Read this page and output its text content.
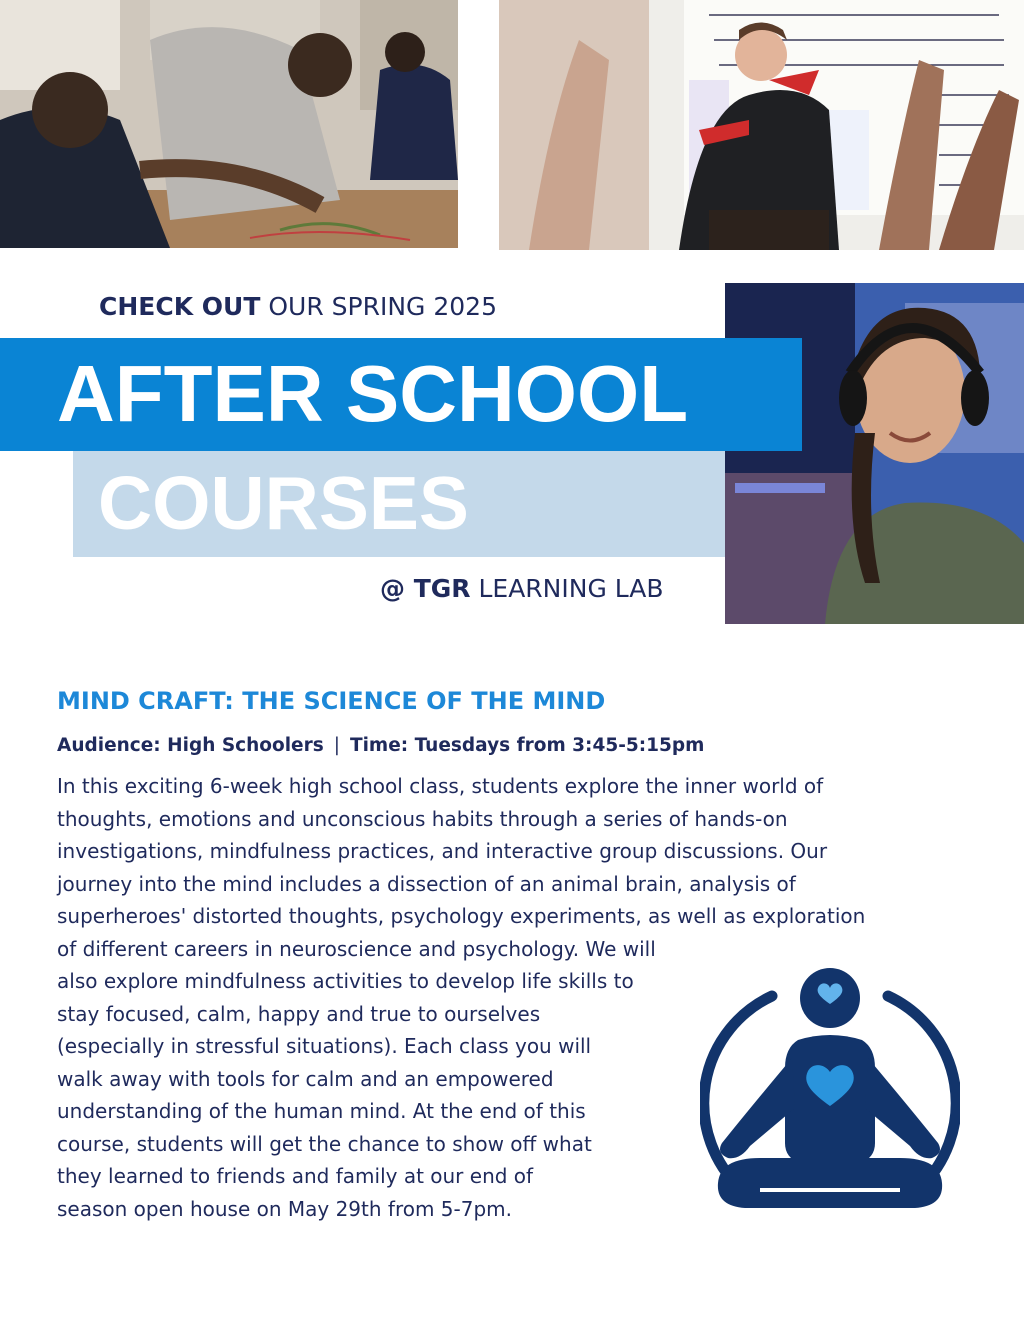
CHECK OUT OUR SPRING 2025
AFTER SCHOOL
COURSES
@ TGR LEARNING LAB
MIND CRAFT: THE SCIENCE OF THE MIND
Audience: High Schoolers | Time: Tuesdays from 3:45-5:15pm
In this exciting 6-week high school class, students explore the inner world of
thoughts, emotions and unconscious habits through a series of hands-on
investigations, mindfulness practices, and interactive group discussions. Our
journey into the mind includes a dissection of an animal brain, analysis of
superheroes' distorted thoughts, psychology experiments, as well as exploration
of different careers in neuroscience and psychology. We will
also explore mindfulness activities to develop life skills to
stay focused, calm, happy and true to ourselves
(especially in stressful situations). Each class you will
walk away with tools for calm and an empowered
understanding of the human mind. At the end of this
course, students will get the chance to show off what
they learned to friends and family at our end of
season open house on May 29th from 5-7pm.
